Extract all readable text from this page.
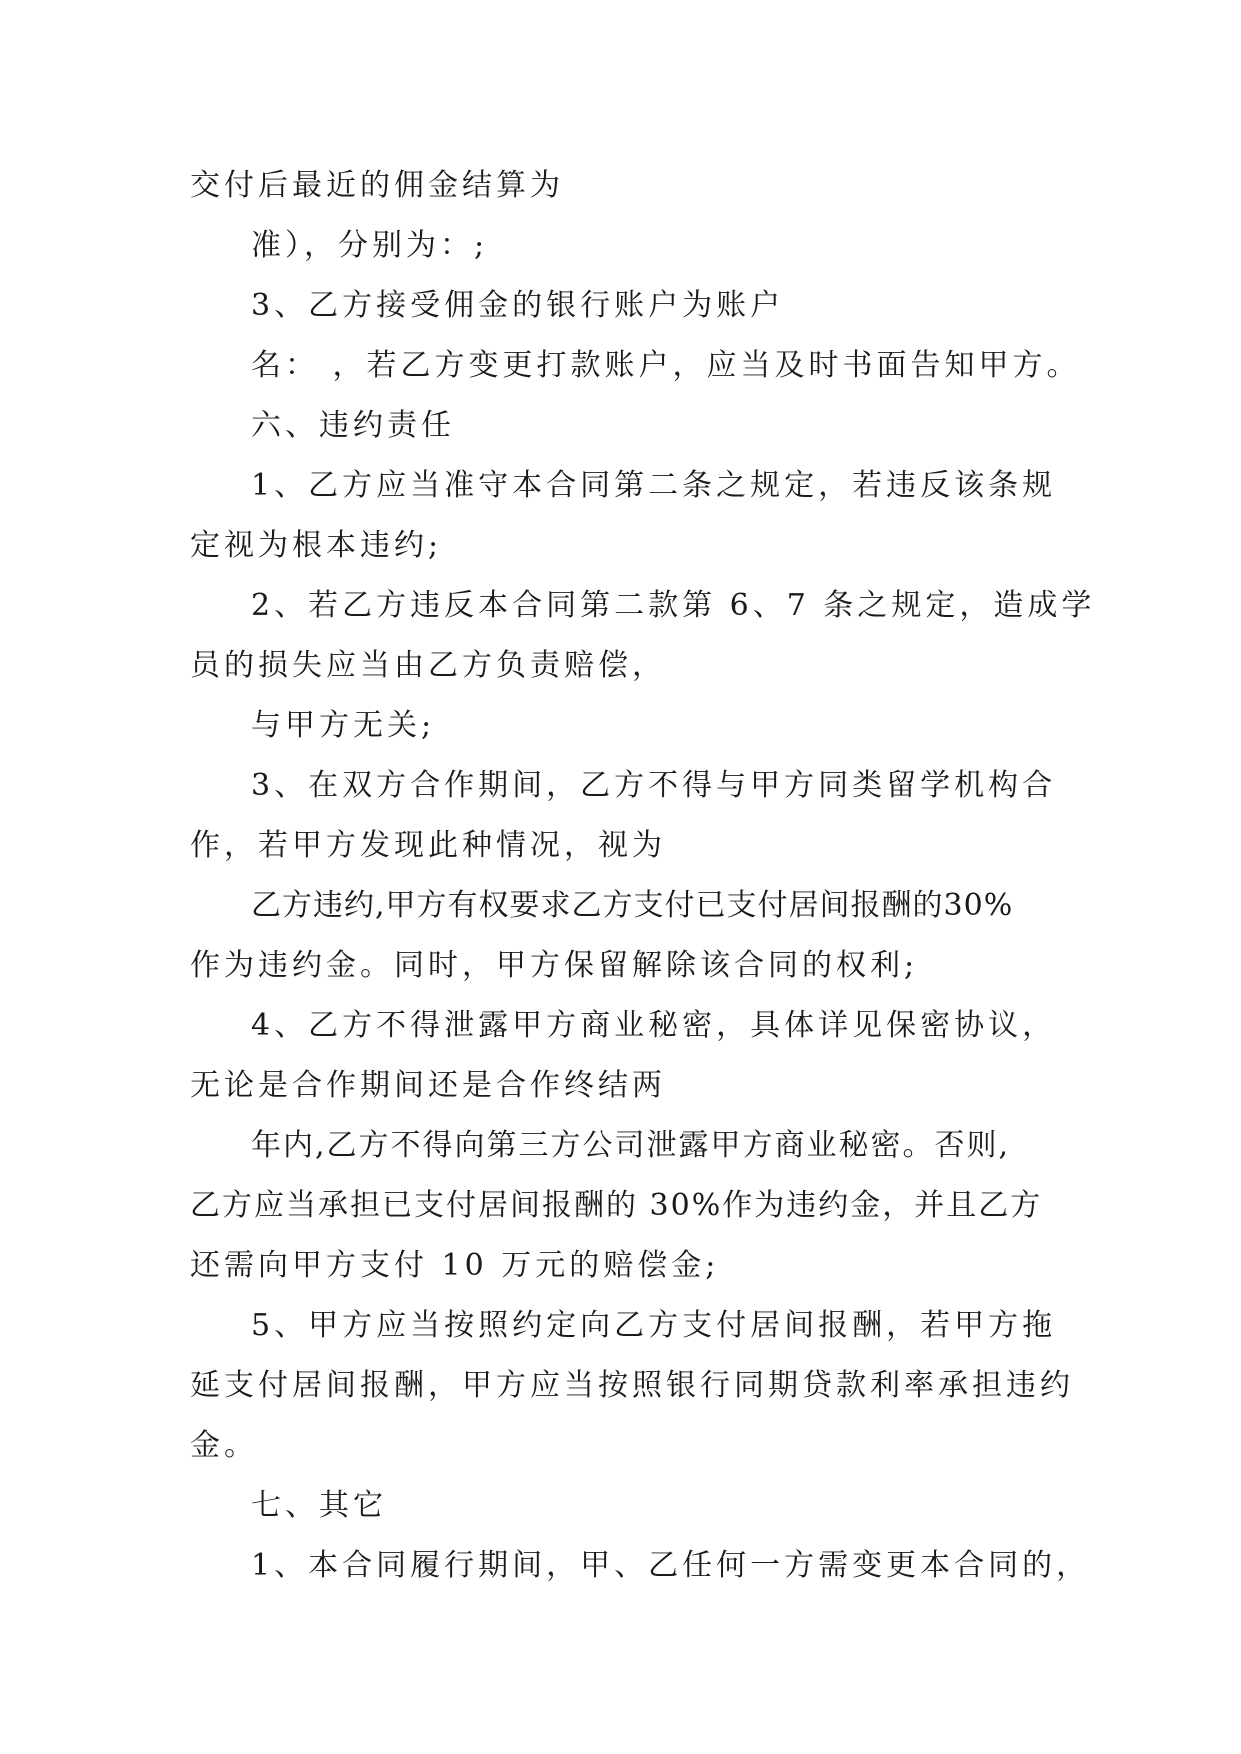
交付后最近的佣金结算为
准），分别为：;
3、乙方接受佣金的银行账户为账户
名： ，若乙方变更打款账户，应当及时书面告知甲方。
六、违约责任
1、乙方应当准守本合同第二条之规定，若违反该条规
定视为根本违约;
2、若乙方违反本合同第二款第 6、7 条之规定，造成学
员的损失应当由乙方负责赔偿，
与甲方无关;
3、在双方合作期间，乙方不得与甲方同类留学机构合
作，若甲方发现此种情况，视为
乙方违约,甲方有权要求乙方支付已支付居间报酬的30%
作为违约金。同时，甲方保留解除该合同的权利;
4、乙方不得泄露甲方商业秘密，具体详见保密协议，
无论是合作期间还是合作终结两
年内,乙方不得向第三方公司泄露甲方商业秘密。否则,
乙方应当承担已支付居间报酬的 30%作为违约金，并且乙方
还需向甲方支付 10 万元的赔偿金;
5、甲方应当按照约定向乙方支付居间报酬，若甲方拖
延支付居间报酬，甲方应当按照银行同期贷款利率承担违约
金。
七、其它
1、本合同履行期间，甲、乙任何一方需变更本合同的，
